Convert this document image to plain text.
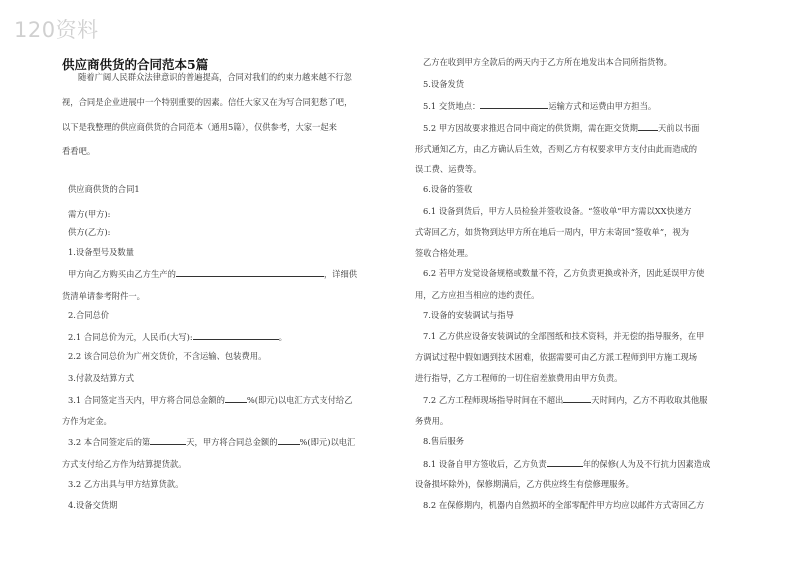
120资料
供应商供货的合同范本5篇

随着广阔人民群众法律意识的普遍提高，合同对我们的约束力越来越不行忽

视，合同是企业进展中一个特别重要的因素。信任大家又在为写合同犯愁了吧，

以下是我整理的供应商供货的合同范本（通用5篇），仅供参考，大家一起来

看看吧。

供应商供货的合同1

需方(甲方):

供方(乙方):

1.设备型号及数量

甲方向乙方购买由乙方生产的	，详细供

货清单请参考附件一。

2.合同总价

2.1 合同总价为元，人民币(大写):	。

2.2 该合同总价为广州交货价，不含运输、包装费用。

3.付款及结算方式

3.1 合同签定当天内，甲方将合同总金额的	%(即元)以电汇方式支付给乙

方作为定金。

3.2 本合同签定后的第	天，甲方将合同总金额的	%(即元)以电汇

方式支付给乙方作为结算提货款。

3.2 乙方出具与甲方结算货款。

4.设备交货期

乙方在收到甲方全款后的两天内于乙方所在地发出本合同所指货物。

5.设备发货

5.1 交货地点：	运输方式和运费由甲方担当。

5.2 甲方因故要求推迟合同中商定的供货期，需在距交货期 天前以书面

形式通知乙方，由乙方确认后生效，否则乙方有权要求甲方支付由此而造成的

误工费、运费等。

6.设备的签收

6.1 设备到货后，甲方人员检验并签收设备。“签收单”甲方需以XX快递方

式寄回乙方，如货物到达甲方所在地后一周内，甲方未寄回“签收单”，视为

签收合格处理。

6.2 若甲方发觉设备规格或数量不符，乙方负责更换或补齐，因此延误甲方使

用，乙方应担当相应的违约责任。

7.设备的安装调试与指导

7.1 乙方供应设备安装调试的全部图纸和技术资料，并无偿的指导服务，在甲

方调试过程中假如遇到技术困难，依据需要可由乙方派工程师到甲方施工现场

进行指导，乙方工程师的一切住宿差旅费用由甲方负责。

7.2 乙方工程师现场指导时间在不超出	天时间内，乙方不再收取其他服

务费用。

8.售后服务

8.1 设备自甲方签收后，乙方负责	年的保修(人为及不行抗力因素造成

设备损坏除外)，保修期满后，乙方供应终生有偿修理服务。

8.2 在保修期内，机器内自然损坏的全部零配件甲方均应以邮件方式寄回乙方
